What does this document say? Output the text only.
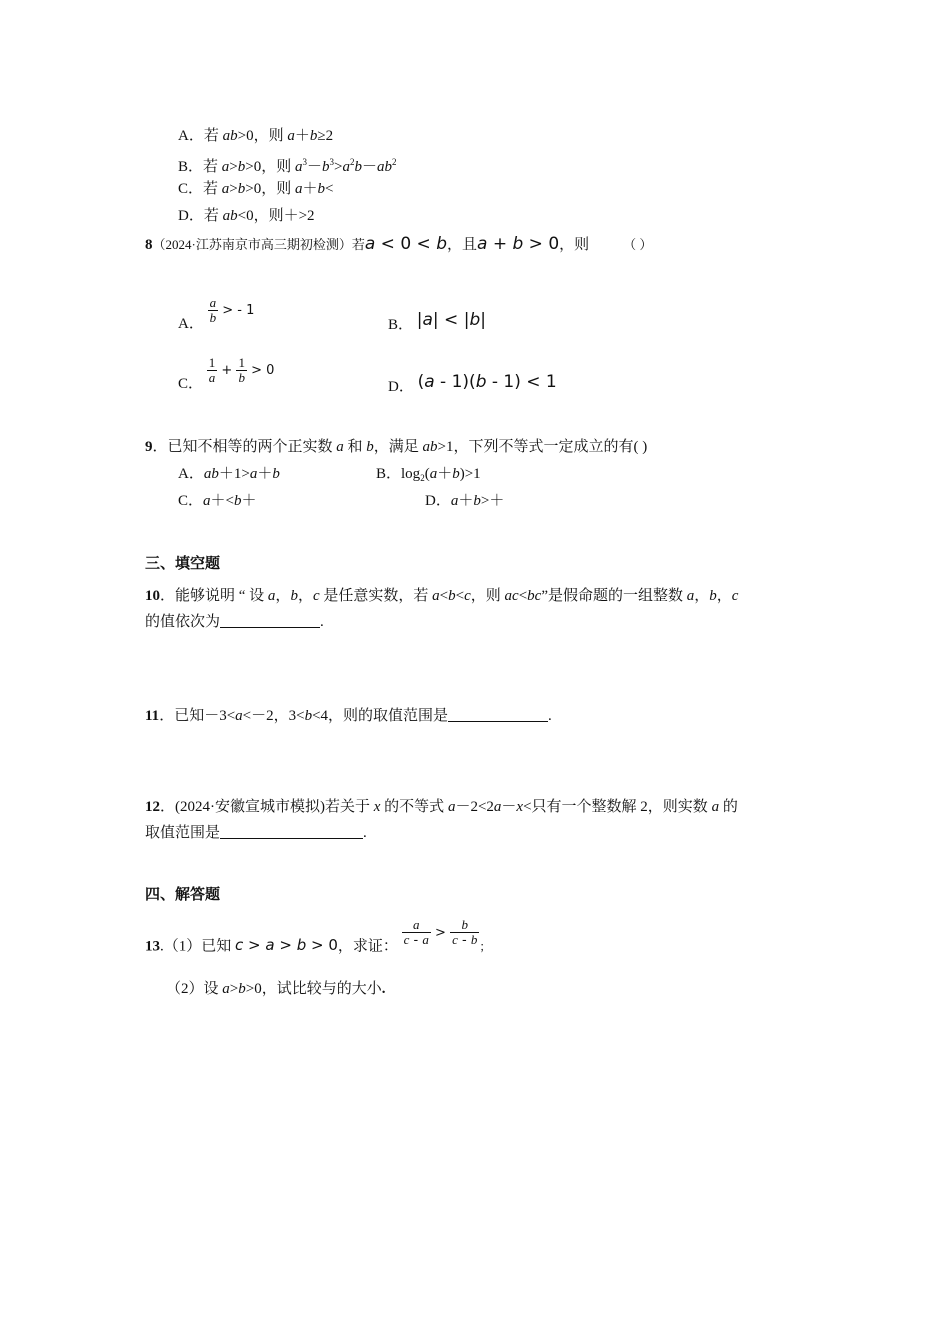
A．若 ab>0，则 a＋b≥2
B．若 a>b>0，则 $a^3-b^3>a^2b-ab^2$
C．若 a>b>0，则 a＋b<
D．若 ab<0，则＋>2
8（2024·江苏南京市高三期初检测）若a < 0 < b，且a + b > 0，则	（ ）
A． $\frac{a}{b}$ > - 1
B． |a| < |b|
C． $\frac{1}{a} + \frac{1}{b} > 0$
D． (a - 1)(b - 1) < 1
9．已知不相等的两个正实数 a 和 b，满足 ab>1，下列不等式一定成立的有( )
A．ab＋1>a＋b	B．$\log_2(a+b)>1$
C．a＋<b＋	D．a＋b>＋
三、填空题
10．能够说明 “ 设 a，b，c 是任意实数，若 a<b<c，则 ac<bc”是假命题的一组整数 a，b，c
的值依次为	.
11．已知－3<a<－2，3<b<4，则的取值范围是	.
12．(2024·安徽宣城市模拟)若关于 x 的不等式 a－2<2a－x<只有一个整数解 2，则实数 a 的
取值范围是	.
四、解答题
13.（1）已知 c > a > b > 0，求证： $\frac{a}{c - a} > \frac{b}{c - b} _;$
（2）设 a>b>0，试比较与的大小.
